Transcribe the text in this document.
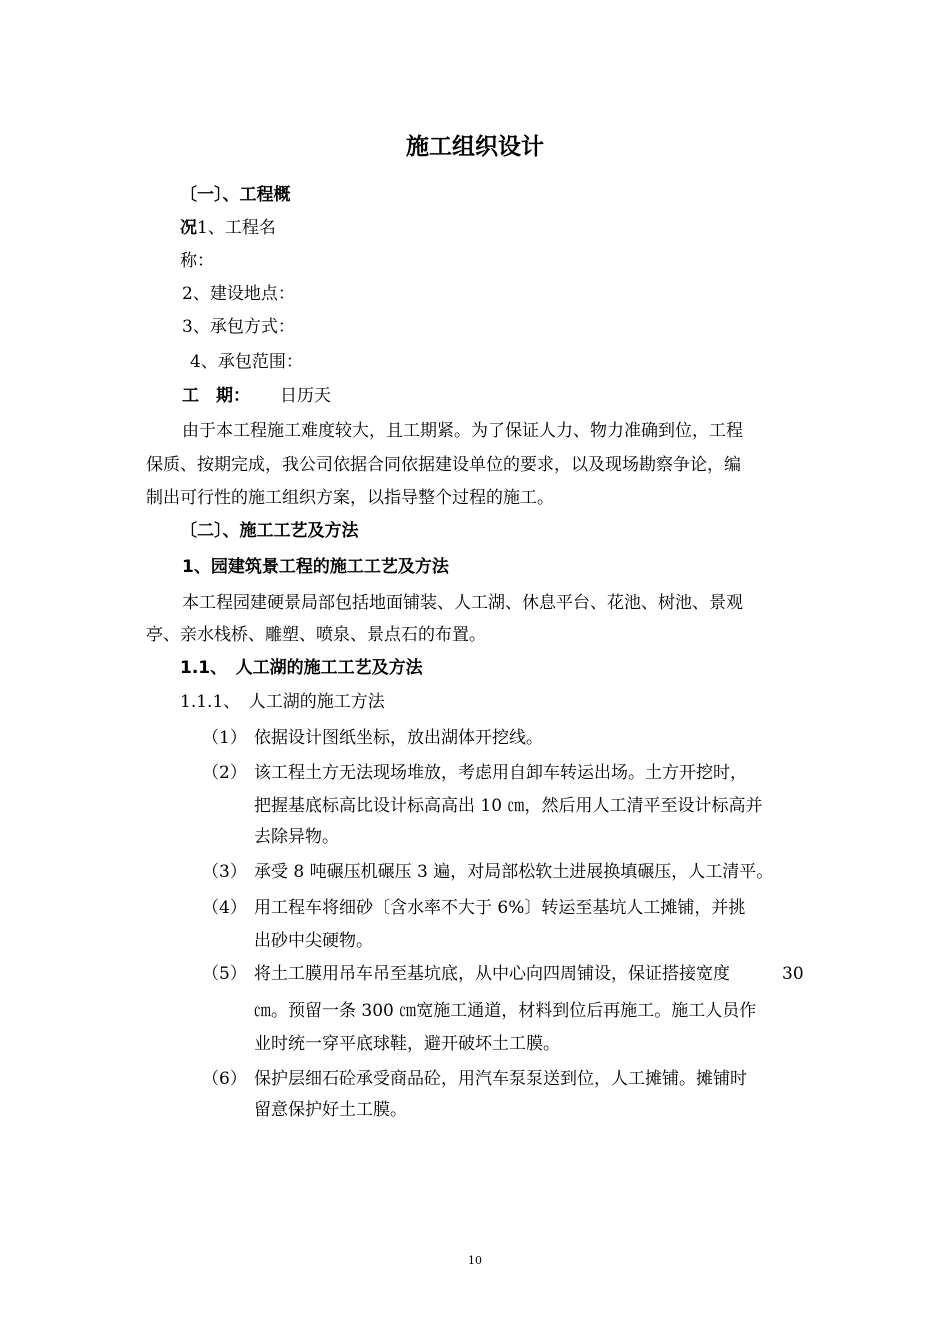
施工组织设计
〔一〕、工程概
况1、工程名
称：
2、建设地点：
3、承包方式：
4、承包范围：
工　期： 日历天
由于本工程施工难度较大，且工期紧。为了保证人力、物力准确到位，工程
保质、按期完成，我公司依据合同依据建设单位的要求，以及现场勘察争论，编
制出可行性的施工组织方案，以指导整个过程的施工。
〔二〕、施工工艺及方法
1、园建筑景工程的施工工艺及方法
本工程园建硬景局部包括地面铺装、人工湖、休息平台、花池、树池、景观
亭、亲水栈桥、雕塑、喷泉、景点石的布置。
1.1、　人工湖的施工工艺及方法
1.1.1、　人工湖的施工方法
（1） 依据设计图纸坐标，放出湖体开挖线。
（2） 该工程土方无法现场堆放，考虑用自卸车转运出场。土方开挖时，
把握基底标高比设计标高高出 10 ㎝，然后用人工清平至设计标高并
去除异物。
（3） 承受 8 吨碾压机碾压 3 遍，对局部松软土进展换填碾压，人工清平。
（4） 用工程车将细砂〔含水率不大于 6%〕转运至基坑人工摊铺，并挑
出砂中尖硬物。
（5） 将土工膜用吊车吊至基坑底，从中心向四周铺设，保证搭接宽度	30
㎝。预留一条 300 ㎝宽施工通道，材料到位后再施工。施工人员作
业时统一穿平底球鞋，避开破坏土工膜。
（6） 保护层细石砼承受商品砼，用汽车泵泵送到位，人工摊铺。摊铺时
留意保护好土工膜。
10
